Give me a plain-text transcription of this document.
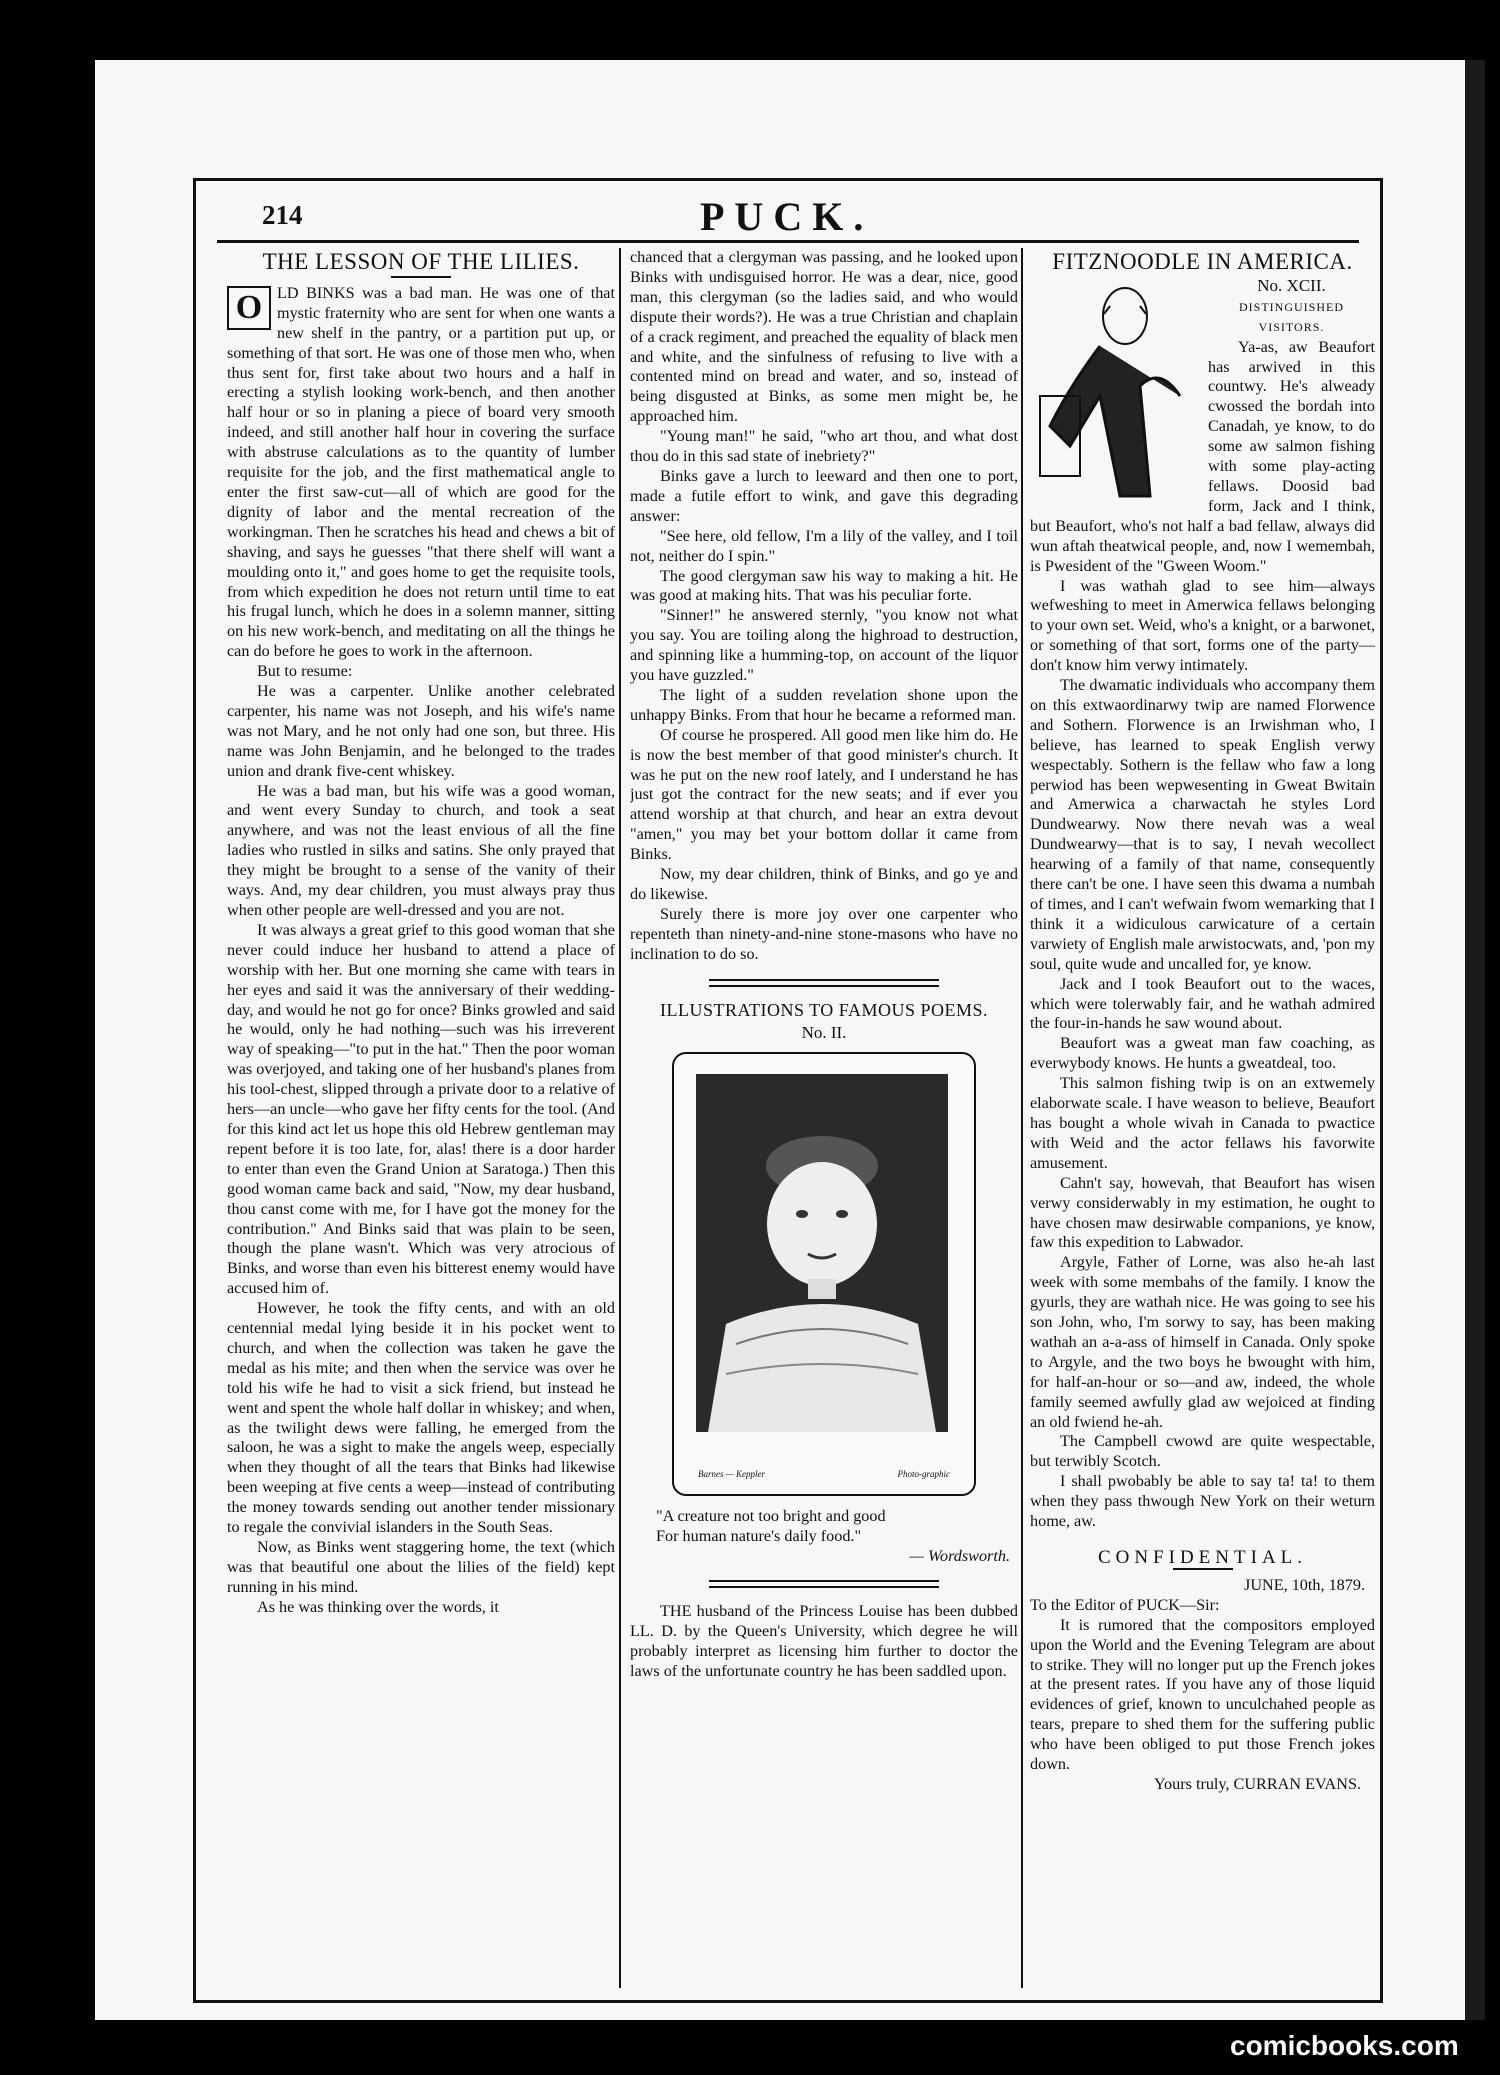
214	PUCK.
THE LESSON OF THE LILIES.
O LD BINKS was a bad man. He was one of that mystic fraternity who are sent for when one wants a new shelf in the pantry, or a partition put up, or something of that sort. He was one of those men who, when thus sent for, first take about two hours and a half in erecting a stylish looking work-bench, and then another half hour or so in planing a piece of board very smooth indeed, and still another half hour in covering the surface with abstruse calculations as to the quantity of lumber requisite for the job, and the first mathematical angle to enter the first saw-cut—all of which are good for the dignity of labor and the mental recreation of the workingman. Then he scratches his head and chews a bit of shaving, and says he guesses "that there shelf will want a moulding onto it," and goes home to get the requisite tools, from which expedition he does not return until time to eat his frugal lunch, which he does in a solemn manner, sitting on his new work-bench, and meditating on all the things he can do before he goes to work in the afternoon.

But to resume:

He was a carpenter. Unlike another celebrated carpenter, his name was not Joseph, and his wife's name was not Mary, and he not only had one son, but three. His name was John Benjamin, and he belonged to the trades union and drank five-cent whiskey.

He was a bad man, but his wife was a good woman, and went every Sunday to church, and took a seat anywhere, and was not the least envious of all the fine ladies who rustled in silks and satins. She only prayed that they might be brought to a sense of the vanity of their ways. And, my dear children, you must always pray thus when other people are well-dressed and you are not.

It was always a great grief to this good woman that she never could induce her husband to attend a place of worship with her. But one morning she came with tears in her eyes and said it was the anniversary of their wedding-day, and would he not go for once? Binks growled and said he would, only he had nothing—such was his irreverent way of speaking—"to put in the hat." Then the poor woman was overjoyed, and taking one of her husband's planes from his tool-chest, slipped through a private door to a relative of hers—an uncle—who gave her fifty cents for the tool. (And for this kind act let us hope this old Hebrew gentleman may repent before it is too late, for, alas! there is a door harder to enter than even the Grand Union at Saratoga.) Then this good woman came back and said, "Now, my dear husband, thou canst come with me, for I have got the money for the contribution." And Binks said that was plain to be seen, though the plane wasn't. Which was very atrocious of Binks, and worse than even his bitterest enemy would have accused him of.

However, he took the fifty cents, and with an old centennial medal lying beside it in his pocket went to church, and when the collection was taken he gave the medal as his mite; and then when the service was over he told his wife he had to visit a sick friend, but instead he went and spent the whole half dollar in whiskey; and when, as the twilight dews were falling, he emerged from the saloon, he was a sight to make the angels weep, especially when they thought of all the tears that Binks had likewise been weeping at five cents a weep—instead of contributing the money towards sending out another tender missionary to regale the convivial islanders in the South Seas.

Now, as Binks went staggering home, the text (which was that beautiful one about the lilies of the field) kept running in his mind.

As he was thinking over the words, it

chanced that a clergyman was passing, and he looked upon Binks with undisguised horror. He was a dear, nice, good man, this clergyman (so the ladies said, and who would dispute their words?). He was a true Christian and chaplain of a crack regiment, and preached the equality of black men and white, and the sinfulness of refusing to live with a contented mind on bread and water, and so, instead of being disgusted at Binks, as some men might be, he approached him.

"Young man!" he said, "who art thou, and what dost thou do in this sad state of inebriety?"

Binks gave a lurch to leeward and then one to port, made a futile effort to wink, and gave this degrading answer:

"See here, old fellow, I'm a lily of the valley, and I toil not, neither do I spin."

The good clergyman saw his way to making a hit. He was good at making hits. That was his peculiar forte.

"Sinner!" he answered sternly, "you know not what you say. You are toiling along the highroad to destruction, and spinning like a humming-top, on account of the liquor you have guzzled."

The light of a sudden revelation shone upon the unhappy Binks. From that hour he became a reformed man.

Of course he prospered. All good men like him do. He is now the best member of that good minister's church. It was he put on the new roof lately, and I understand he has just got the contract for the new seats; and if ever you attend worship at that church, and hear an extra devout "amen," you may bet your bottom dollar it came from Binks.

Now, my dear children, think of Binks, and go ye and do likewise.

Surely there is more joy over one carpenter who repenteth than ninety-and-nine stone-masons who have no inclination to do so.

ILLUSTRATIONS TO FAMOUS POEMS.
No. II.
Barnes — Keppler	Photo-graphic
"A creature not too bright and good
For human nature's daily food."
— Wordsworth.

THE husband of the Princess Louise has been dubbed LL. D. by the Queen's University, which degree he will probably interpret as licensing him further to doctor the laws of the unfortunate country he has been saddled upon.

FITZNOODLE IN AMERICA.
No. XCII.
DISTINGUISHED VISITORS.

Ya-as, aw Beaufort has arwived in this countwy. He's alweady cwossed the bordah into Canadah, ye know, to do some aw salmon fishing with some play-acting fellaws. Doosid bad form, Jack and I think, but Beaufort, who's not half a bad fellaw, always did wun aftah theatwical people, and, now I wemembah, is Pwesident of the "Gween Woom."

I was wathah glad to see him—always wefweshing to meet in Amerwica fellaws belonging to your own set. Weid, who's a knight, or a barwonet, or something of that sort, forms one of the party—don't know him verwy intimately.

The dwamatic individuals who accompany them on this extwaordinarwy twip are named Florwence and Sothern. Florwence is an Irwishman who, I believe, has learned to speak English verwy wespectably. Sothern is the fellaw who faw a long perwiod has been wepwesenting in Gweat Bwitain and Amerwica a charwactah he styles Lord Dundwearwy. Now there nevah was a weal Dundwearwy—that is to say, I nevah wecollect hearwing of a family of that name, consequently there can't be one. I have seen this dwama a numbah of times, and I can't wefwain fwom wemarking that I think it a widiculous carwicature of a certain varwiety of English male arwistocwats, and, 'pon my soul, quite wude and uncalled for, ye know.

Jack and I took Beaufort out to the waces, which were tolerwably fair, and he wathah admired the four-in-hands he saw wound about.

Beaufort was a gweat man faw coaching, as everwybody knows. He hunts a gweatdeal, too.

This salmon fishing twip is on an extwemely elaborwate scale. I have weason to believe, Beaufort has bought a whole wivah in Canada to pwactice with Weid and the actor fellaws his favorwite amusement.

Cahn't say, howevah, that Beaufort has wisen verwy considerwably in my estimation, he ought to have chosen maw desirwable companions, ye know, faw this expedition to Labwador.

Argyle, Father of Lorne, was also he-ah last week with some membahs of the family. I know the gyurls, they are wathah nice. He was going to see his son John, who, I'm sorwy to say, has been making wathah an a-a-ass of himself in Canada. Only spoke to Argyle, and the two boys he bwought with him, for half-an-hour or so—and aw, indeed, the whole family seemed awfully glad aw wejoiced at finding an old fwiend he-ah.

The Campbell cwowd are quite wespectable, but terwibly Scotch.

I shall pwobably be able to say ta! ta! to them when they pass thwough New York on their weturn home, aw.

CONFIDENTIAL.
JUNE, 10th, 1879.
To the Editor of PUCK—Sir:

It is rumored that the compositors employed upon the World and the Evening Telegram are about to strike. They will no longer put up the French jokes at the present rates. If you have any of those liquid evidences of grief, known to unculchahed people as tears, prepare to shed them for the suffering public who have been obliged to put those French jokes down.

Yours truly, CURRAN EVANS.
comicbooks.com
